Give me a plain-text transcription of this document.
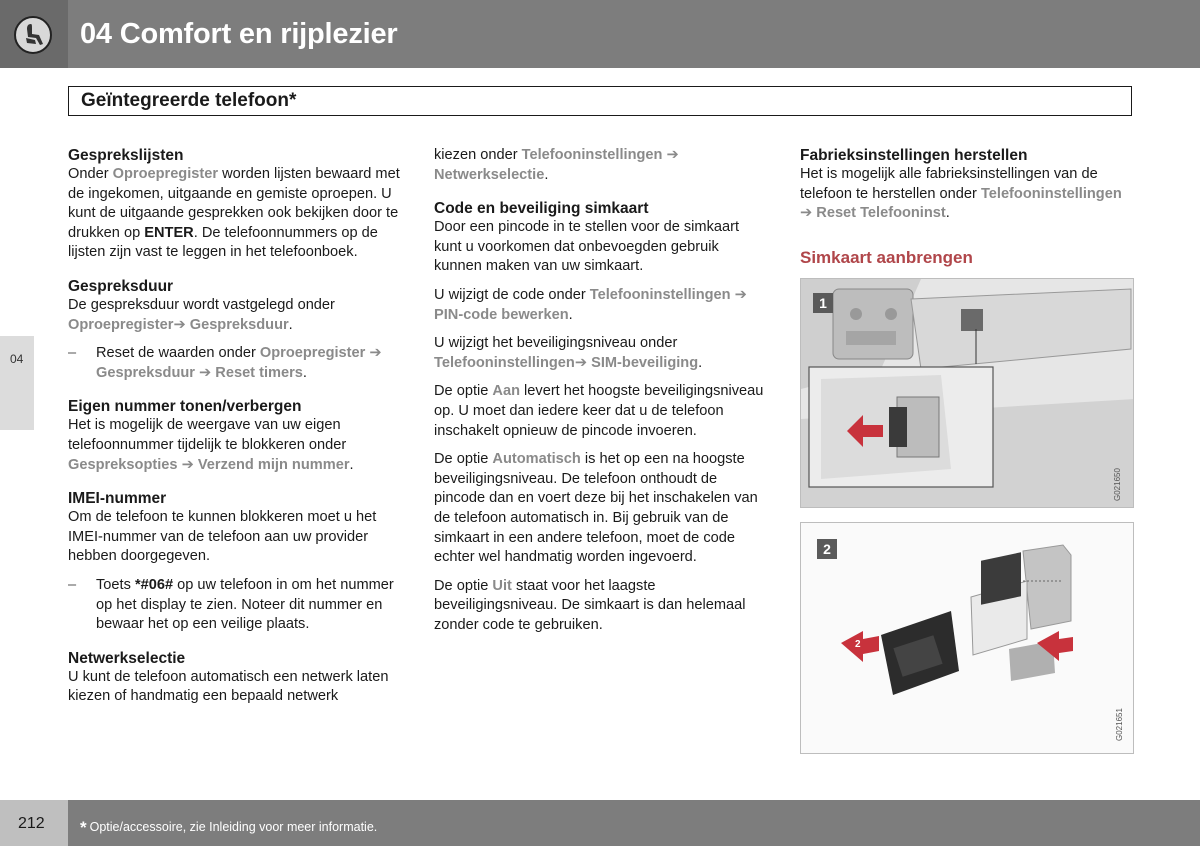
04 Comfort en rijplezier
Geïntegreerde telefoon*
04
Gesprekslijsten

Onder Oproepregister worden lijsten bewaard met de ingekomen, uitgaande en gemiste oproepen. U kunt de uitgaande gesprekken ook bekijken door te drukken op ENTER. De telefoonnummers op de lijsten zijn vast te leggen in het telefoonboek.

Gespreksduur

De gespreksduur wordt vastgelegd onder Oproepregister➔ Gespreksduur.

– Reset de waarden onder Oproepregister ➔ Gespreksduur ➔ Reset timers.
Eigen nummer tonen/verbergen

Het is mogelijk de weergave van uw eigen telefoonnummer tijdelijk te blokkeren onder Gespreksopties ➔ Verzend mijn nummer.

IMEI-nummer

Om de telefoon te kunnen blokkeren moet u het IMEI-nummer van de telefoon aan uw provider hebben doorgegeven.

– Toets *#06# op uw telefoon in om het nummer op het display te zien. Noteer dit nummer en bewaar het op een veilige plaats.
Netwerkselectie

U kunt de telefoon automatisch een netwerk laten kiezen of handmatig een bepaald netwerk

kiezen onder Telefooninstellingen ➔ Netwerkselectie.

Code en beveiliging simkaart

Door een pincode in te stellen voor de simkaart kunt u voorkomen dat onbevoegden gebruik kunnen maken van uw simkaart.

U wijzigt de code onder Telefooninstellingen ➔ PIN-code bewerken.

U wijzigt het beveiligingsniveau onder Telefooninstellingen➔ SIM-beveiliging.

De optie Aan levert het hoogste beveiligingsniveau op. U moet dan iedere keer dat u de telefoon inschakelt opnieuw de pincode invoeren.

De optie Automatisch is het op een na hoogste beveiligingsniveau. De telefoon onthoudt de pincode dan en voert deze bij het inschakelen van de telefoon automatisch in. Bij gebruik van de simkaart in een andere telefoon, moet de code echter wel handmatig worden ingevoerd.

De optie Uit staat voor het laagste beveiligingsniveau. De simkaart is dan helemaal zonder code te gebruiken.

Fabrieksinstellingen herstellen

Het is mogelijk alle fabrieksinstellingen van de telefoon te herstellen onder Telefooninstellingen ➔ Reset Telefooninst.

Simkaart aanbrengen
1
G021650
2
2
G021651
212 * Optie/accessoire, zie Inleiding voor meer informatie.
